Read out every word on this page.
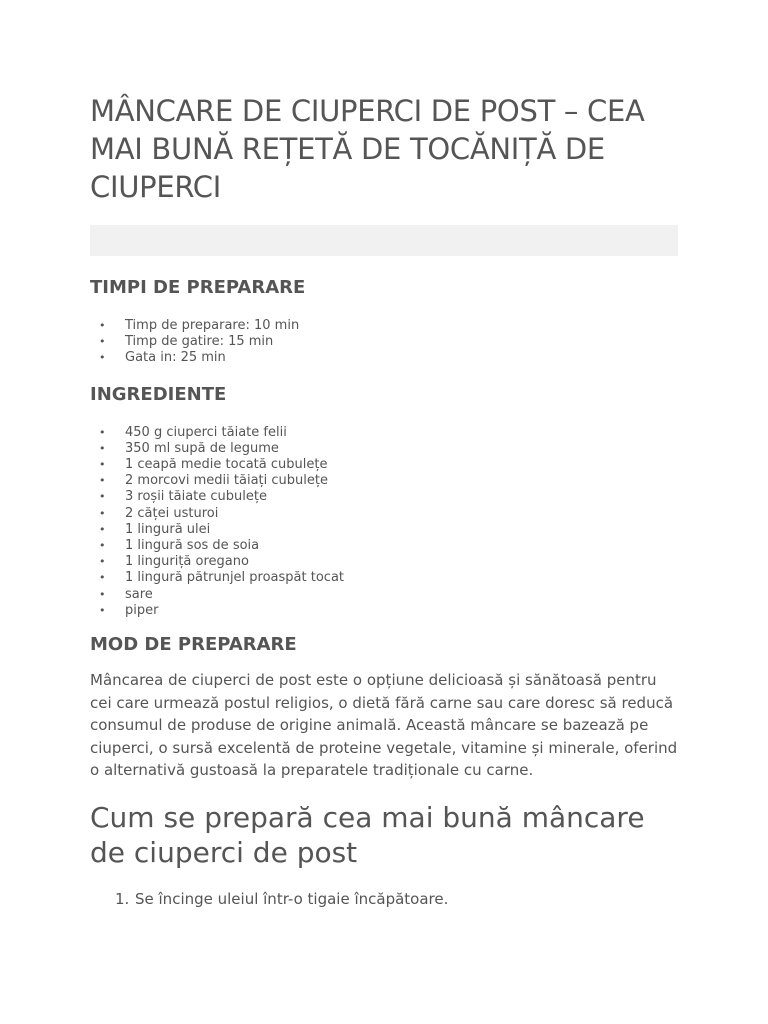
MÂNCARE DE CIUPERCI DE POST – CEA MAI BUNĂ REȚETĂ DE TOCĂNIȚĂ DE CIUPERCI
TIMPI DE PREPARARE
• Timp de preparare: 10 min
• Timp de gatire: 15 min
• Gata in: 25 min
INGREDIENTE
• 450 g ciuperci tăiate felii
• 350 ml supă de legume
• 1 ceapă medie tocată cubulețe
• 2 morcovi medii tăiați cubulețe
• 3 roșii tăiate cubulețe
• 2 căței usturoi
• 1 lingură ulei
• 1 lingură sos de soia
• 1 linguriță oregano
• 1 lingură pătrunjel proaspăt tocat
• sare
• piper
MOD DE PREPARARE

Mâncarea de ciuperci de post este o opțiune delicioasă și sănătoasă pentru cei care urmează postul religios, o dietă fără carne sau care doresc să reducă consumul de produse de origine animală. Această mâncare se bazează pe ciuperci, o sursă excelentă de proteine vegetale, vitamine și minerale, oferind o alternativă gustoasă la preparatele tradiționale cu carne.

Cum se prepară cea mai bună mâncare de ciuperci de post
1. Se încinge uleiul într-o tigaie încăpătoare.
